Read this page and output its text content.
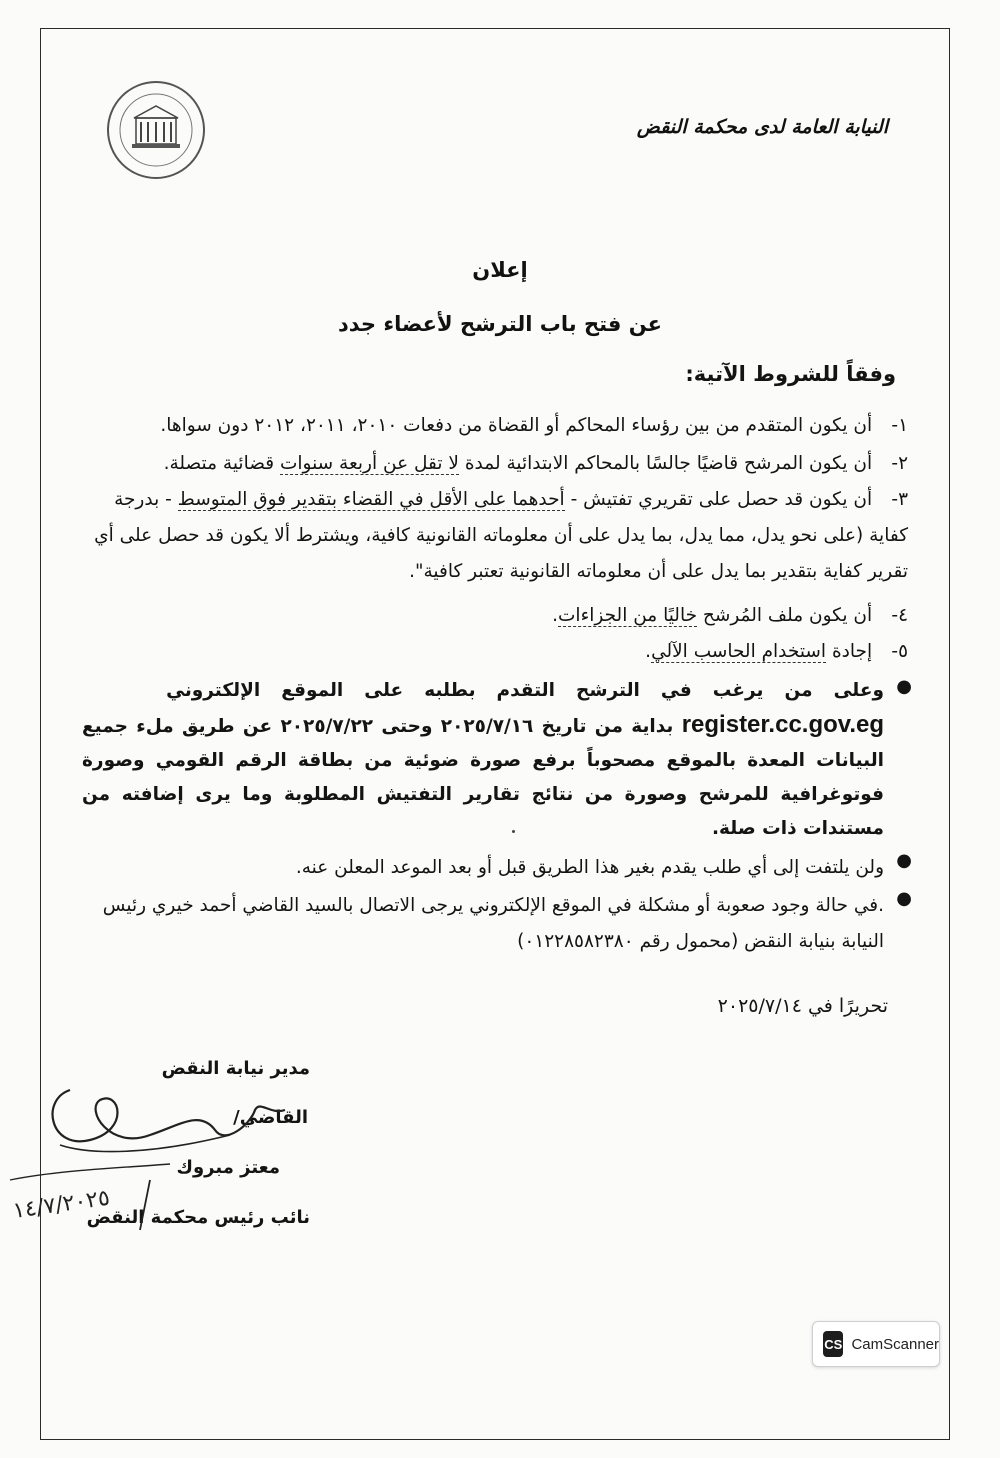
النيابة العامة لدى محكمة النقض
إعلان
عن فتح باب الترشح لأعضاء جدد
وفقاً للشروط الآتية:
١- أن يكون المتقدم من بين رؤساء المحاكم أو القضاة من دفعات ٢٠١٠، ٢٠١١، ٢٠١٢ دون سواها.
٢- أن يكون المرشح قاضيًا جالسًا بالمحاكم الابتدائية لمدة لا تقل عن أربعة سنوات قضائية متصلة.
٣- أن يكون قد حصل على تقريري تفتيش - أحدهما على الأقل في القضاء بتقدير فوق المتوسط - بدرجة كفاية (على نحو يدل، مما يدل، بما يدل على أن معلوماته القانونية كافية، ويشترط ألا يكون قد حصل على أي تقرير كفاية بتقدير بما يدل على أن معلوماته القانونية تعتبر كافية".
٤- أن يكون ملف المُرشح خاليًا من الجزاءات.
٥- إجادة استخدام الحاسب الآلي.
●
وعلى من يرغب في الترشح التقدم بطلبه على الموقع الإلكتروني     register.cc.gov.eg بداية من تاريخ ٢٠٢٥/٧/١٦ وحتى ٢٠٢٥/٧/٢٢ عن طريق ملء جميع البيانات المعدة بالموقع مصحوباً برفع صورة ضوئية من بطاقة الرقم القومي وصورة فوتوغرافية للمرشح وصورة من نتائج تقارير التفتيش المطلوبة وما يرى إضافته من مستندات ذات صلة.
●
ولن يلتفت إلى أي طلب يقدم بغير هذا الطريق قبل أو بعد الموعد المعلن عنه.
●
.في حالة وجود صعوبة أو مشكلة في الموقع الإلكتروني يرجى الاتصال بالسيد القاضي أحمد خيري رئيس النيابة بنيابة النقض (محمول رقم ٠١٢٢٨٥٨٢٣٨٠)
تحريرًا في ٢٠٢٥/٧/١٤
مدير نيابة النقض
القاضي/
معتز مبروك
نائب رئيس محكمة النقض
١٤/٧/٢٠٢٥
CS CamScanner
